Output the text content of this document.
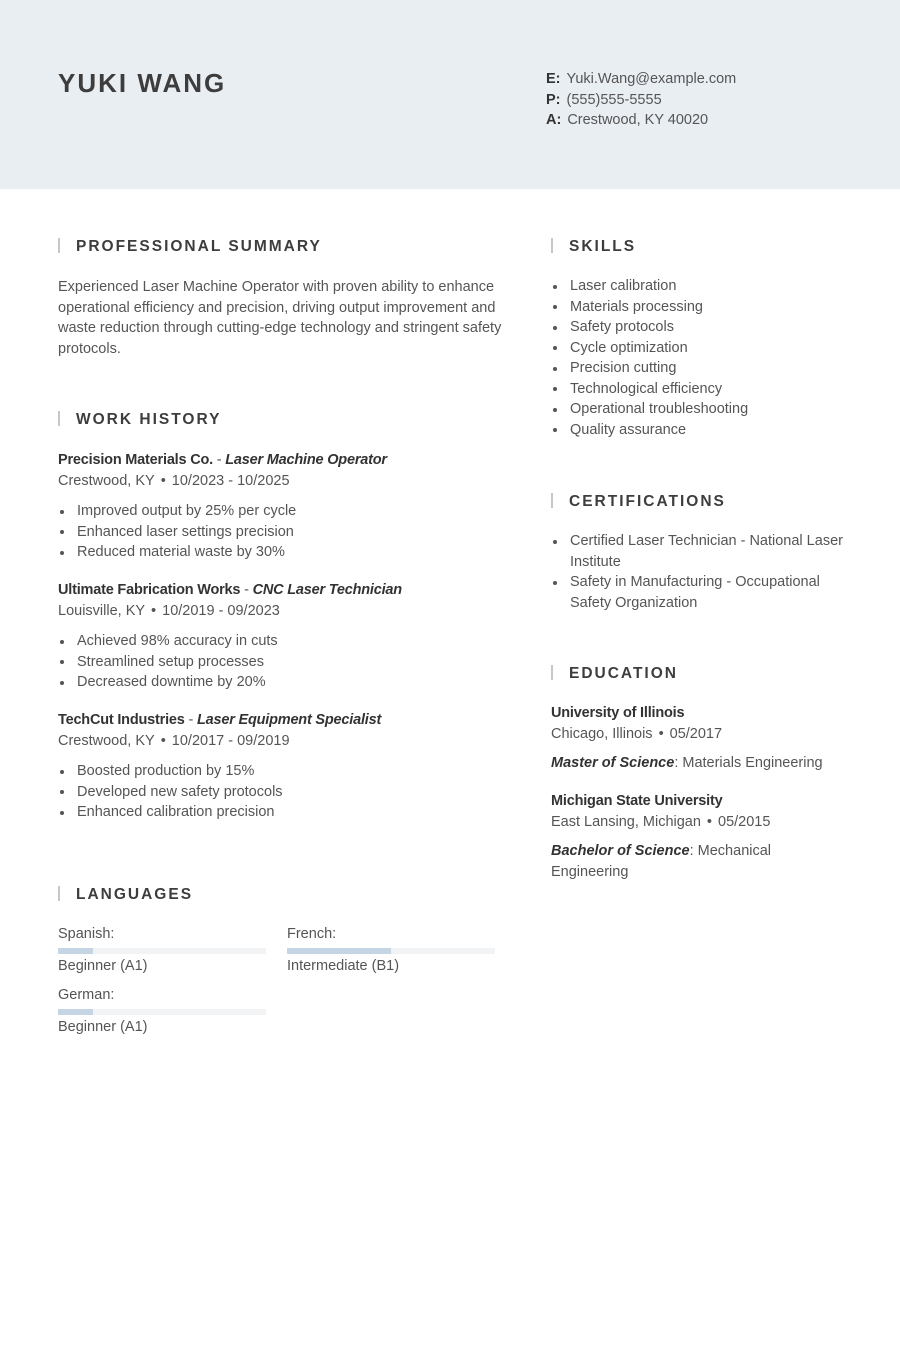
YUKI WANG	E: Yuki.Wang@example.com
P: (555)555-5555
A: Crestwood, KY 40020
PROFESSIONAL SUMMARY
Experienced Laser Machine Operator with proven ability to enhance operational efficiency and precision, driving output improvement and waste reduction through cutting-edge technology and stringent safety protocols.
WORK HISTORY
Precision Materials Co. - Laser Machine Operator
Crestwood, KY • 10/2023 - 10/2025
Improved output by 25% per cycle
Enhanced laser settings precision
Reduced material waste by 30%
Ultimate Fabrication Works - CNC Laser Technician
Louisville, KY • 10/2019 - 09/2023
Achieved 98% accuracy in cuts
Streamlined setup processes
Decreased downtime by 20%
TechCut Industries - Laser Equipment Specialist
Crestwood, KY • 10/2017 - 09/2019
Boosted production by 15%
Developed new safety protocols
Enhanced calibration precision
LANGUAGES
Spanish:
Beginner (A1)
French:
Intermediate (B1)
German:
Beginner (A1)
SKILLS
Laser calibration
Materials processing
Safety protocols
Cycle optimization
Precision cutting
Technological efficiency
Operational troubleshooting
Quality assurance
CERTIFICATIONS
Certified Laser Technician - National Laser Institute
Safety in Manufacturing - Occupational Safety Organization
EDUCATION
University of Illinois
Chicago, Illinois • 05/2017
Master of Science: Materials Engineering
Michigan State University
East Lansing, Michigan • 05/2015
Bachelor of Science: Mechanical Engineering
